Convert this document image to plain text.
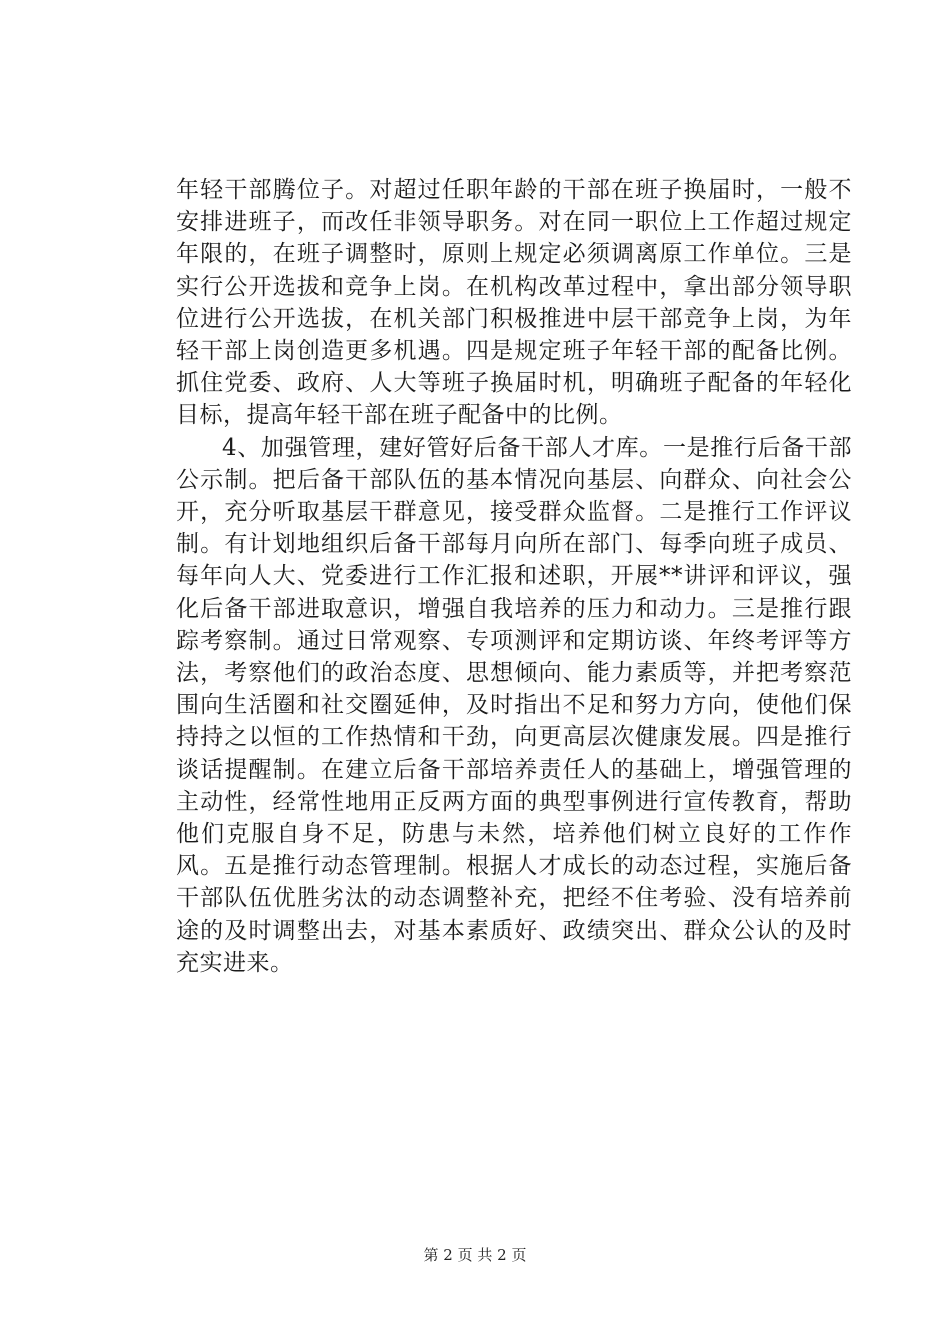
年轻干部腾位子。对超过任职年龄的干部在班子换届时，一般不安排进班子，而改任非领导职务。对在同一职位上工作超过规定年限的，在班子调整时，原则上规定必须调离原工作单位。三是实行公开选拔和竞争上岗。在机构改革过程中，拿出部分领导职位进行公开选拔，在机关部门积极推进中层干部竞争上岗，为年轻干部上岗创造更多机遇。四是规定班子年轻干部的配备比例。抓住党委、政府、人大等班子换届时机，明确班子配备的年轻化目标，提高年轻干部在班子配备中的比例。

4、加强管理，建好管好后备干部人才库。一是推行后备干部公示制。把后备干部队伍的基本情况向基层、向群众、向社会公开，充分听取基层干群意见，接受群众监督。二是推行工作评议制。有计划地组织后备干部每月向所在部门、每季向班子成员、每年向人大、党委进行工作汇报和述职，开展**讲评和评议，强化后备干部进取意识，增强自我培养的压力和动力。三是推行跟踪考察制。通过日常观察、专项测评和定期访谈、年终考评等方法，考察他们的政治态度、思想倾向、能力素质等，并把考察范围向生活圈和社交圈延伸，及时指出不足和努力方向，使他们保持持之以恒的工作热情和干劲，向更高层次健康发展。四是推行谈话提醒制。在建立后备干部培养责任人的基础上，增强管理的主动性，经常性地用正反两方面的典型事例进行宣传教育，帮助他们克服自身不足，防患与未然，培养他们树立良好的工作作风。五是推行动态管理制。根据人才成长的动态过程，实施后备干部队伍优胜劣汰的动态调整补充，把经不住考验、没有培养前途的及时调整出去，对基本素质好、政绩突出、群众公认的及时充实进来。

第 2 页 共 2 页
